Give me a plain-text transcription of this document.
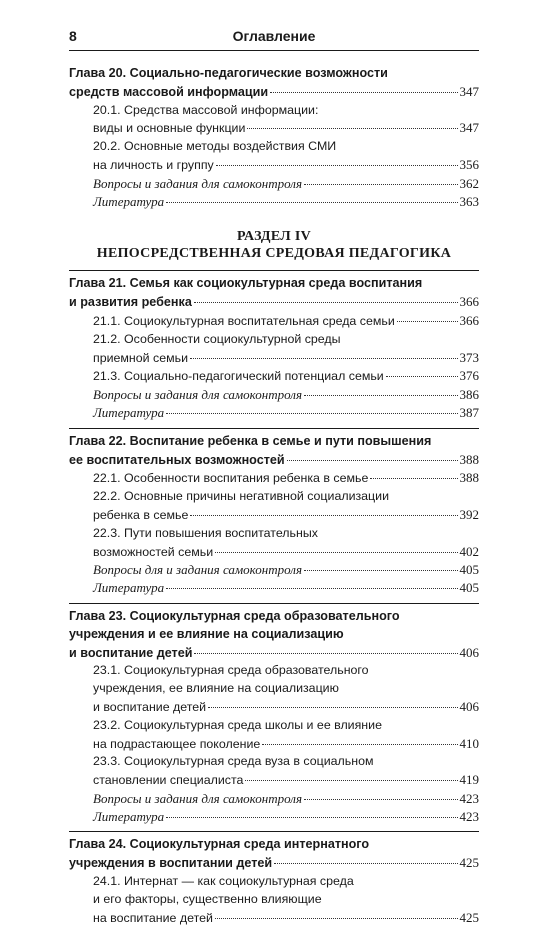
8	Оглавление
Глава 20. Социально-педагогические возможности
средств массовой информации	347
20.1. Средства массовой информации:
виды и основные функции	347
20.2. Основные методы воздействия СМИ
на личность и группу	356
Вопросы и задания для самоконтроля	362
Литература	363
РАЗДЕЛ IV
НЕПОСРЕДСТВЕННАЯ СРЕДОВАЯ ПЕДАГОГИКА
Глава 21. Семья как социокультурная среда воспитания
и развития ребенка	366
21.1. Социокультурная воспитательная среда семьи	366
21.2. Особенности социокультурной среды
приемной семьи	373
21.3. Социально-педагогический потенциал семьи	376
Вопросы и задания для самоконтроля	386
Литература	387
Глава 22. Воспитание ребенка в семье и пути повышения
ее воспитательных возможностей	388
22.1. Особенности воспитания ребенка в семье	388
22.2. Основные причины негативной социализации
ребенка в семье	392
22.3. Пути повышения воспитательных
возможностей семьи	402
Вопросы для и задания самоконтроля	405
Литература	405
Глава 23. Социокультурная среда образовательного
учреждения и ее влияние на социализацию
и воспитание детей	406
23.1. Социокультурная среда образовательного
учреждения, ее влияние на социализацию
и воспитание детей	406
23.2. Социокультурная среда школы и ее влияние
на подрастающее поколение	410
23.3. Социокультурная среда вуза в социальном
становлении специалиста	419
Вопросы и задания для самоконтроля	423
Литература	423
Глава 24. Социокультурная среда интернатного
учреждения в воспитании детей	425
24.1. Интернат — как социокультурная среда
и его факторы, существенно влияющие
на воспитание детей	425
